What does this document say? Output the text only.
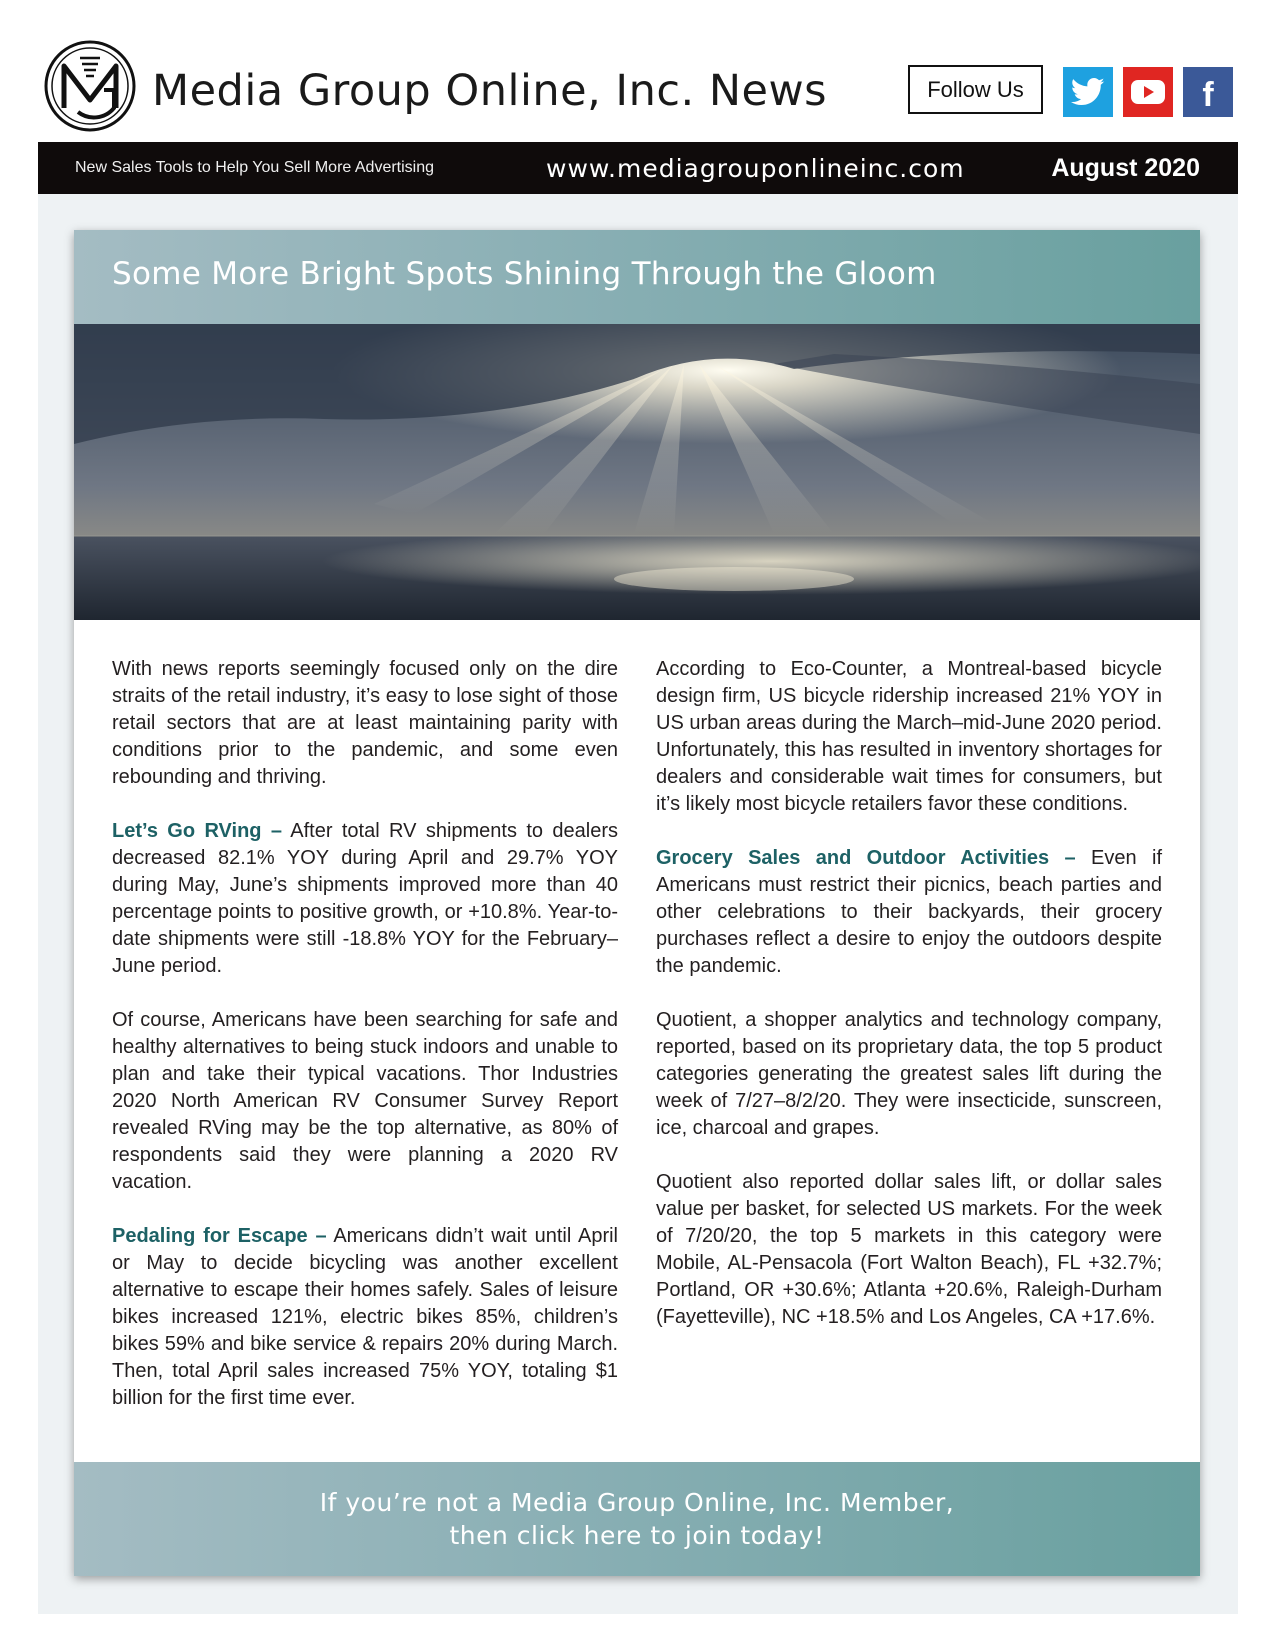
Media Group Online, Inc. News	Follow Us	f
New Sales Tools to Help You Sell More Advertising	www.mediagrouponlineinc.com	August 2020
Some More Bright Spots Shining Through the Gloom

With news reports seemingly focused only on the dire straits of the retail industry, it’s easy to lose sight of those retail sectors that are at least maintaining parity with conditions prior to the pandemic, and some even rebounding and thriving.

Let’s Go RVing – After total RV shipments to dealers decreased 82.1% YOY during April and 29.7% YOY during May, June’s shipments improved more than 40 percentage points to positive growth, or +10.8%. Year-to-date shipments were still -18.8% YOY for the February–June period.

Of course, Americans have been searching for safe and healthy alternatives to being stuck indoors and unable to plan and take their typical vacations. Thor Industries 2020 North American RV Consumer Survey Report revealed RVing may be the top alternative, as 80% of respondents said they were planning a 2020 RV vacation.

Pedaling for Escape – Americans didn’t wait until April or May to decide bicycling was another excellent alternative to escape their homes safely. Sales of leisure bikes increased 121%, electric bikes 85%, children’s bikes 59% and bike service & repairs 20% during March. Then, total April sales increased 75% YOY, totaling $1 billion for the first time ever.

According to Eco-Counter, a Montreal-based bicycle design firm, US bicycle ridership increased 21% YOY in US urban areas during the March–mid-June 2020 period. Unfortunately, this has resulted in inventory shortages for dealers and considerable wait times for consumers, but it’s likely most bicycle retailers favor these conditions.

Grocery Sales and Outdoor Activities – Even if Americans must restrict their picnics, beach parties and other celebrations to their backyards, their grocery purchases reflect a desire to enjoy the outdoors despite the pandemic.

Quotient, a shopper analytics and technology company, reported, based on its proprietary data, the top 5 product categories generating the greatest sales lift during the week of 7/27–8/2/20. They were insecticide, sunscreen, ice, charcoal and grapes.

Quotient also reported dollar sales lift, or dollar sales value per basket, for selected US markets. For the week of 7/20/20, the top 5 markets in this category were Mobile, AL-Pensacola (Fort Walton Beach), FL +32.7%; Portland, OR +30.6%; Atlanta +20.6%, Raleigh-Durham (Fayetteville), NC +18.5% and Los Angeles, CA +17.6%.

If you’re not a Media Group Online, Inc. Member,
then click here to join today!
